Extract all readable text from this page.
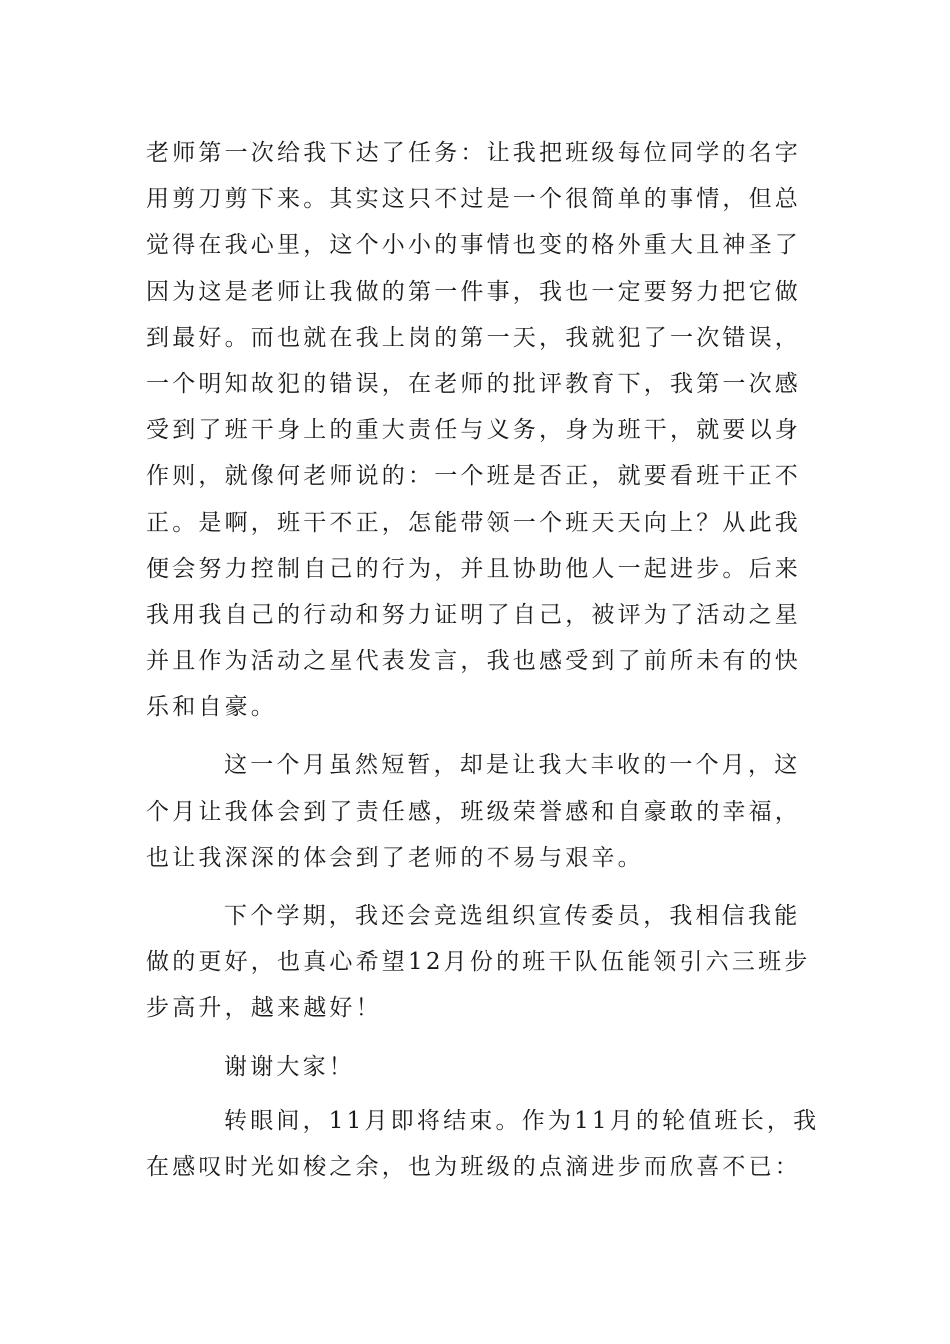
老师第一次给我下达了任务：让我把班级每位同学的名字
用剪刀剪下来。其实这只不过是一个很简单的事情，但总
觉得在我心里，这个小小的事情也变的格外重大且神圣了
因为这是老师让我做的第一件事，我也一定要努力把它做
到最好。而也就在我上岗的第一天，我就犯了一次错误，
一个明知故犯的错误，在老师的批评教育下，我第一次感
受到了班干身上的重大责任与义务，身为班干，就要以身
作则，就像何老师说的：一个班是否正，就要看班干正不
正。是啊，班干不正，怎能带领一个班天天向上？从此我
便会努力控制自己的行为，并且协助他人一起进步。后来
我用我自己的行动和努力证明了自己，被评为了活动之星
并且作为活动之星代表发言，我也感受到了前所未有的快
乐和自豪。
这一个月虽然短暂，却是让我大丰收的一个月，这
个月让我体会到了责任感，班级荣誉感和自豪敢的幸福，
也让我深深的体会到了老师的不易与艰辛。
下个学期，我还会竞选组织宣传委员，我相信我能
做的更好，也真心希望12月份的班干队伍能领引六三班步
步高升，越来越好！
谢谢大家！
转眼间，11月即将结束。作为11月的轮值班长，我
在感叹时光如梭之余，也为班级的点滴进步而欣喜不已：
